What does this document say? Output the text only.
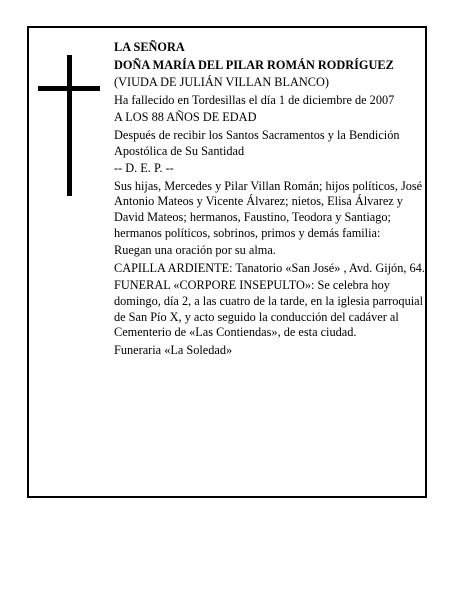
LA SEÑORA

DOÑA MARÍA DEL PILAR ROMÁN RODRÍGUEZ

(VIUDA DE JULIÁN VILLAN BLANCO)

Ha fallecido en Tordesillas el día 1 de diciembre de 2007

A LOS 88 AÑOS DE EDAD

Después de recibir los Santos Sacramentos y la Bendición Apostólica de Su Santidad

-- D. E. P. --

Sus hijas, Mercedes y Pilar Villan Román; hijos políticos, José Antonio Mateos y Vicente Álvarez; nietos, Elisa Álvarez y David Mateos; hermanos, Faustino, Teodora y Santiago; hermanos políticos, sobrinos, primos y demás familia:

Ruegan una oración por su alma.

CAPILLA ARDIENTE: Tanatorio «San José» , Avd. Gijón, 64.

FUNERAL «CORPORE INSEPULTO»: Se celebra hoy domingo, día 2, a las cuatro de la tarde, en la iglesia parroquial de San Pío X, y acto seguido la conducción del cadáver al Cementerio de «Las Contiendas», de esta ciudad.

Funeraria «La Soledad»
